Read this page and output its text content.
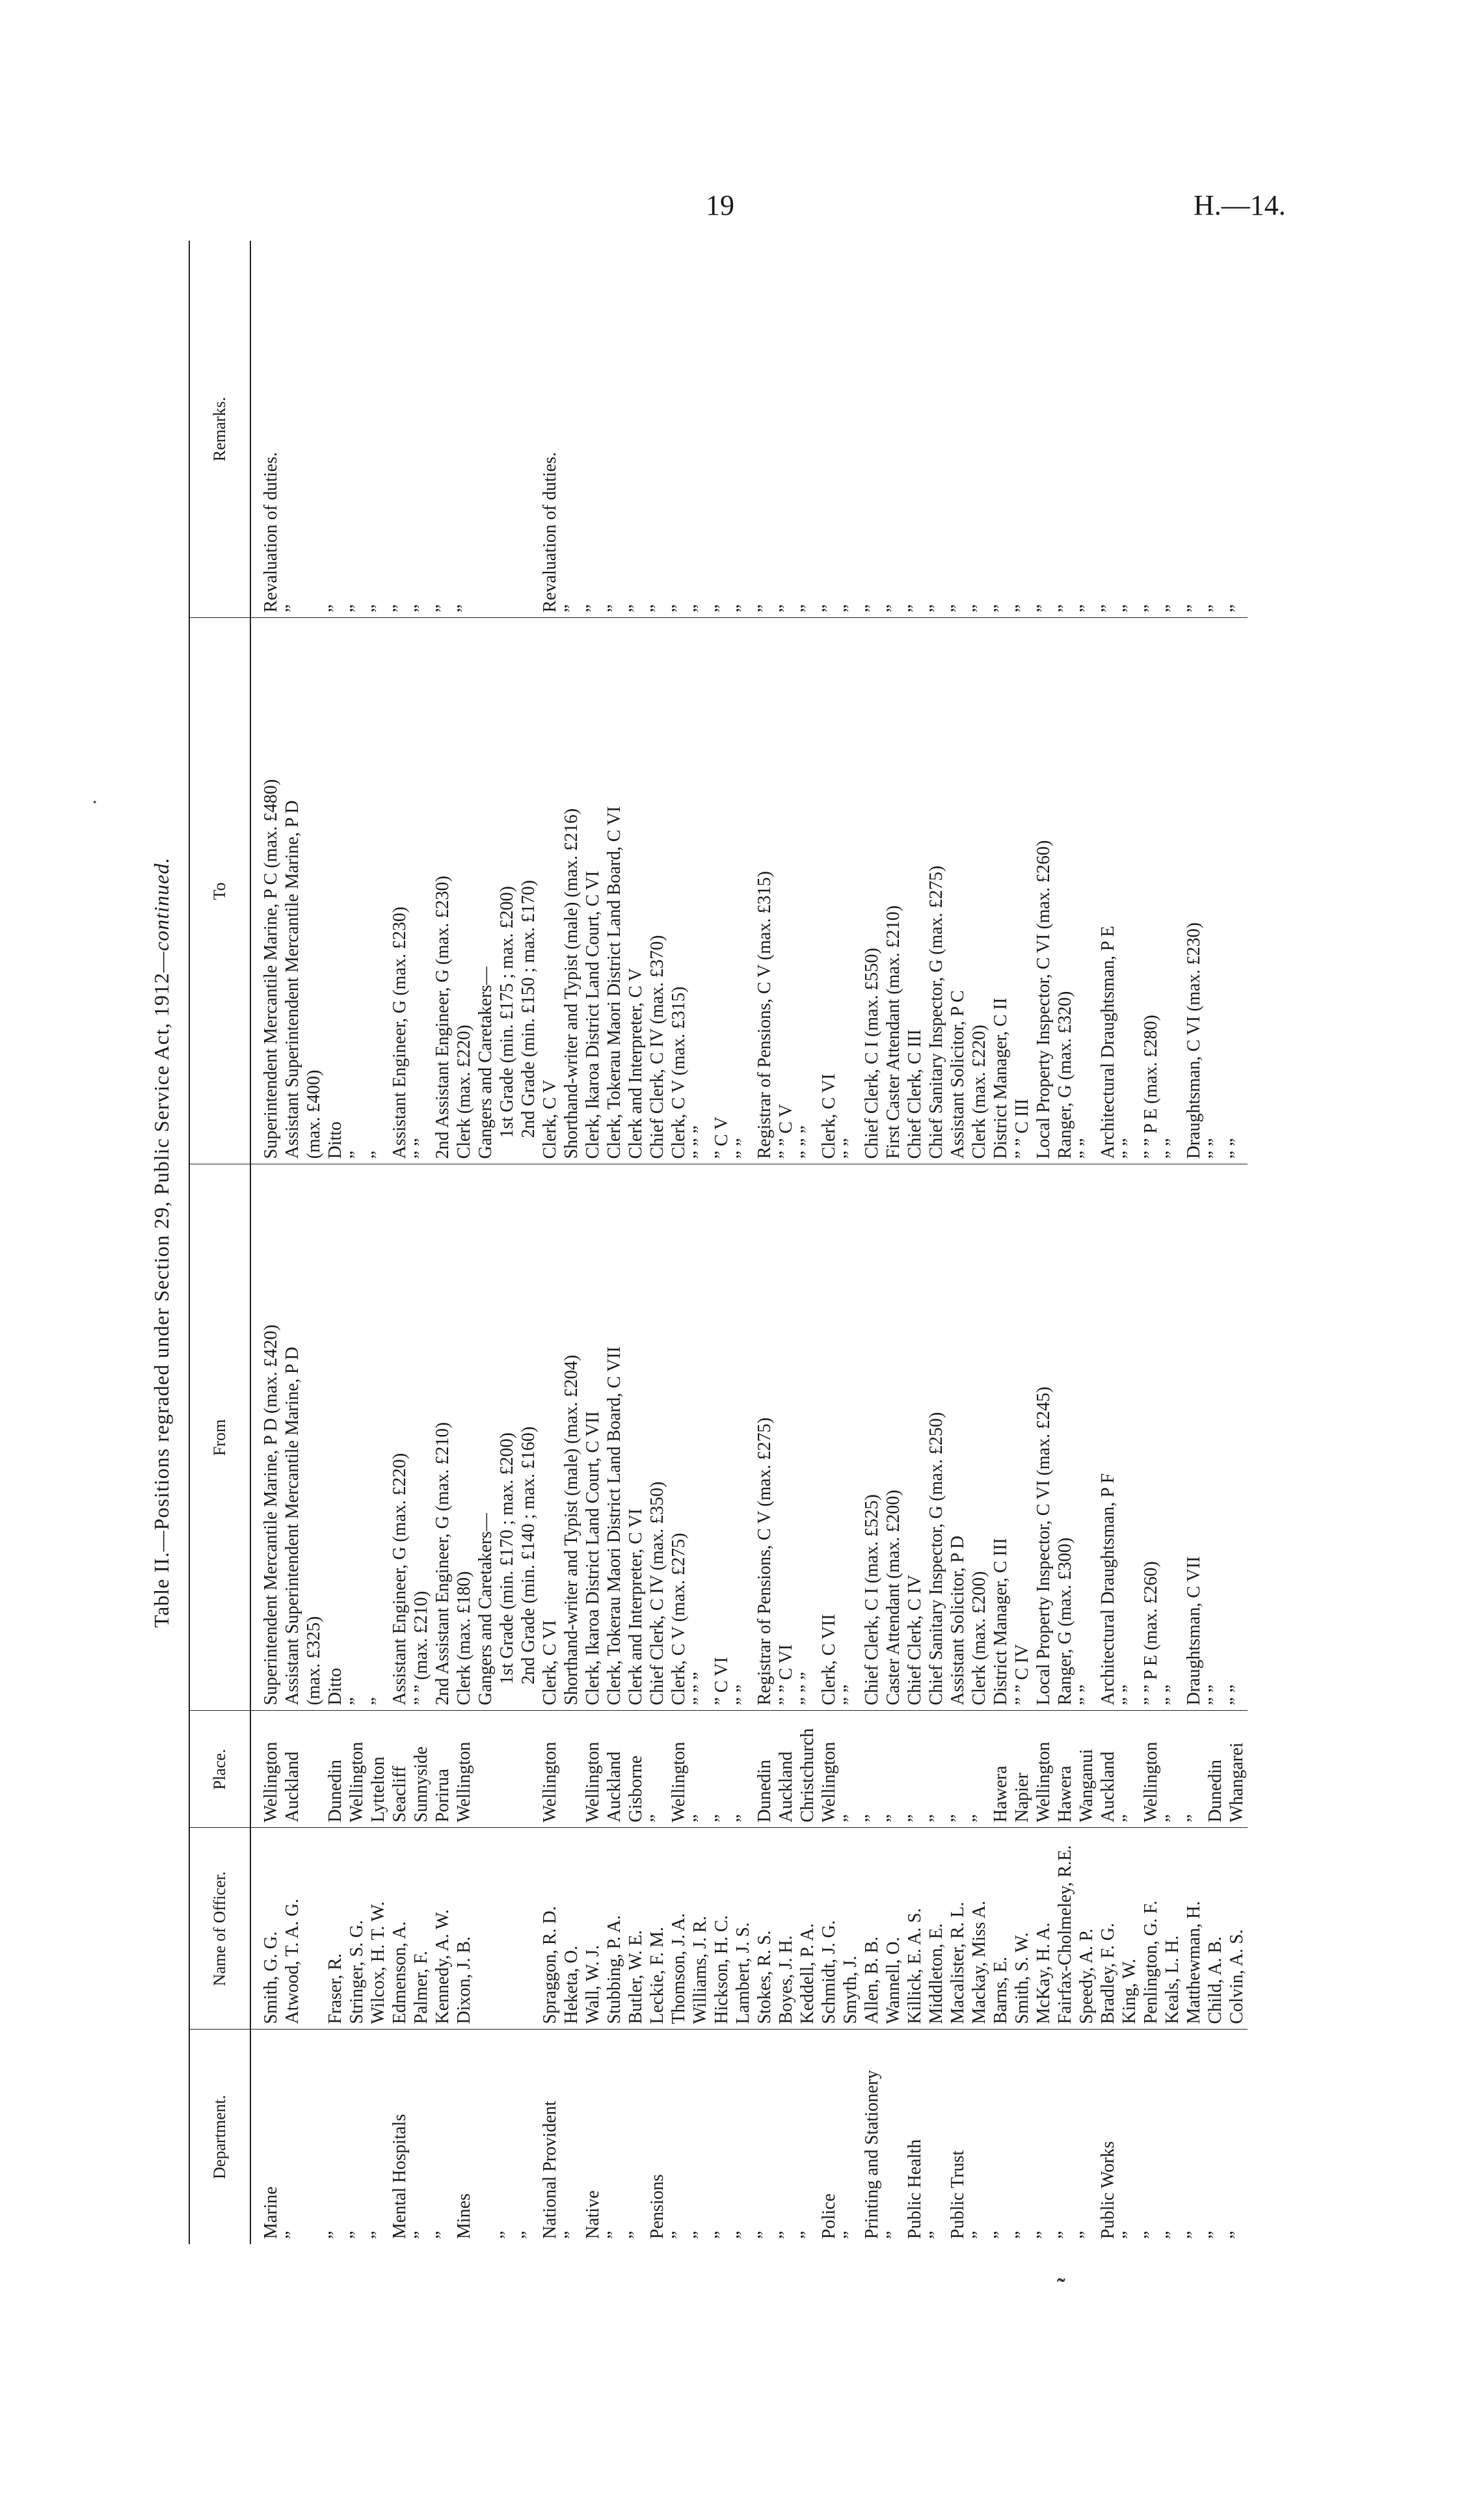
19	H.—14.
·
˜
Table II.—Positions regraded under Section 29, Public Service Act, 1912—continued.
Department.	Name of Officer.	Place.	From	To	Remarks.

Marine	Smith, G. G.	Wellington	Superintendent Mercantile Marine, P D (max. £420)	Superintendent Mercantile Marine, P C (max. £480)	Revaluation of duties.
”	Atwood, T. A. G.	Auckland	Assistant Superintendent Mercantile Marine, P D	Assistant Superintendent Mercantile Marine, P D	”
			(max. £325)	(max. £400)	
”	Fraser, R.	Dunedin	Ditto	Ditto	”
”	Stringer, S. G.	Wellington	”	”	”
”	Wilcox, H. T. W.	Lyttelton	”	”	”
Mental Hospitals	Edmenson, A.	Seacliff	Assistant Engineer, G (max. £220)	Assistant Engineer, G (max. £230)	”
”	Palmer, F.	Sunnyside	” ” (max. £210)	” ”	”
”	Kennedy, A. W.	Porirua	2nd Assistant Engineer, G (max. £210)	2nd Assistant Engineer, G (max. £230)	”
Mines	Dixon, J. B.	Wellington	Clerk (max. £180)	Clerk (max. £220)	”
			Gangers and Caretakers—	Gangers and Caretakers—	
”			1st Grade (min. £170 ; max. £200)	1st Grade (min. £175 ; max. £200)	
”			2nd Grade (min. £140 ; max. £160)	2nd Grade (min. £150 ; max. £170)	
National Provident	Spraggon, R. D.	Wellington	Clerk, C VI	Clerk, C V	Revaluation of duties.
”	Heketa, O.		Shorthand-writer and Typist (male) (max. £204)	Shorthand-writer and Typist (male) (max. £216)	”
Native	Wall, W. J.	Wellington	Clerk, Ikaroa District Land Court, C VII	Clerk, Ikaroa District Land Court, C VI	”
”	Stubbing, P. A.	Auckland	Clerk, Tokerau Maori District Land Board, C VII	Clerk, Tokerau Maori District Land Board, C VI	”
”	Butler, W. E.	Gisborne	Clerk and Interpreter, C VI	Clerk and Interpreter, C V	”
Pensions	Leckie, F. M.	”	Chief Clerk, C IV (max. £350)	Chief Clerk, C IV (max. £370)	”
”	Thomson, J. A.	Wellington	Clerk, C V (max. £275)	Clerk, C V (max. £315)	”
”	Williams, J. R.	”	” ” ”	” ” ”	”
”	Hickson, H. C.	”	” C VI	” C V	”
”	Lambert, J. S.	”	” ”	” ”	”
”	Stokes, R. S.	Dunedin	Registrar of Pensions, C V (max. £275)	Registrar of Pensions, C V (max. £315)	”
”	Boyes, J. H.	Auckland	” ” C VI	” ” C V	”
”	Keddell, P. A.	Christchurch	” ” ”	” ” ”	”
Police	Schmidt, J. G.	Wellington	Clerk, C VII	Clerk, C VI	”
”	Smyth, J.	”	” ”	” ”	”
Printing and Stationery	Allen, B. B.	”	Chief Clerk, C I (max. £525)	Chief Clerk, C I (max. £550)	”
”	Wannell, O.	”	Caster Attendant (max. £200)	First Caster Attendant (max. £210)	”
Public Health	Killick, E. A. S.	”	Chief Clerk, C IV	Chief Clerk, C III	”
”	Middleton, E.	”	Chief Sanitary Inspector, G (max. £250)	Chief Sanitary Inspector, G (max. £275)	”
Public Trust	Macalister, R. L.	”	Assistant Solicitor, P D	Assistant Solicitor, P C	”
”	Mackay, Miss A.	”	Clerk (max. £200)	Clerk (max. £220)	”
”	Barns, E.	Hawera	District Manager, C III	District Manager, C II	”
”	Smith, S. W.	Napier	” ” C IV	” ” C III	”
”	McKay, H. A.	Wellington	Local Property Inspector, C VI (max. £245)	Local Property Inspector, C VI (max. £260)	”
”	Fairfax-Cholmeley, R.E.	Hawera	Ranger, G (max. £300)	Ranger, G (max. £320)	”
”	Speedy, A. P.	Wanganui	” ”	” ”	”
Public Works	Bradley, F. G.	Auckland	Architectural Draughtsman, P F	Architectural Draughtsman, P E	”
”	King, W.	”	” ”	” ”	”
”	Penlington, G. F.	Wellington	” ” P E (max. £260)	” ” P E (max. £280)	”
”	Keals, L. H.	”	” ”	” ”	”
”	Matthewman, H.	”	Draughtsman, C VII	Draughtsman, C VI (max. £230)	”
”	Child, A. B.	Dunedin	” ”	” ”	”
”	Colvin, A. S.	Whangarei	” ”	” ”	”
